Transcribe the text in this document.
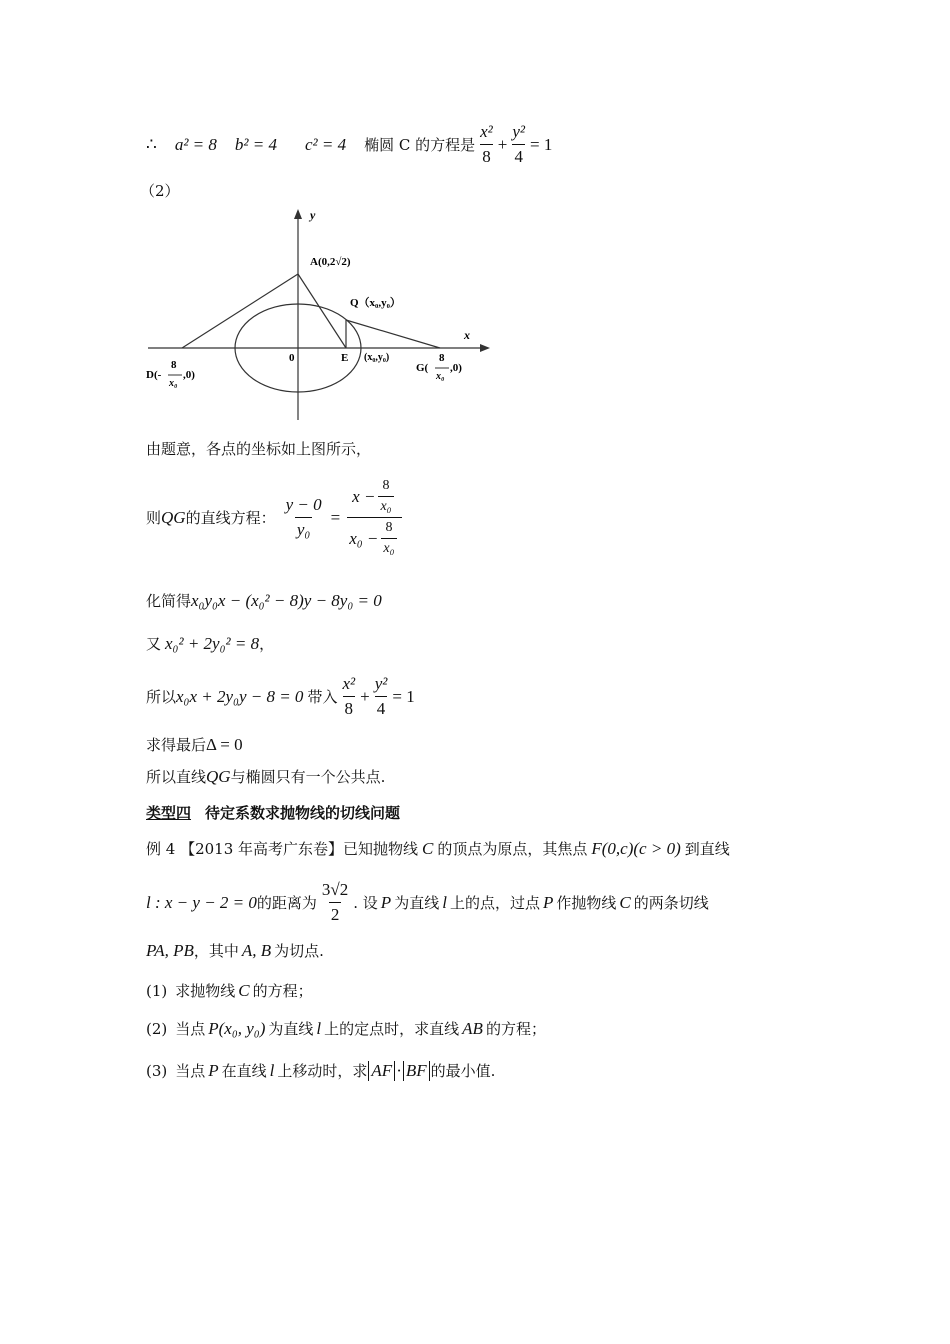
∴ a² = 8 b² = 4 c² = 4 椭圆 C 的方程是 $\frac{\text{x²}}{8} + \frac{\text{y²}}{4} = 1$
（2）
y
x
A(0,2√2)
Q（x₀,y₀）
0	E (x₀,y₀)
D(-
8
x₀
,0)
G(
8
x₀
,0)
由题意，各点的坐标如上图所示，
则 QG 的直线方程： $\frac{y - 0}{\text{y₀}} = \frac{x - \frac{8}{\text{x₀}}}{x_0 - \frac{8}{\text{x₀}}}$
化简得 x₀y₀x − (x₀² − 8)y − 8y₀ = 0
又 x₀² + 2y₀² = 8 ，
所以 x₀x + 2y₀y − 8 = 0 带入 $\frac{\text{x²}}{8} + \frac{\text{y²}}{4} = 1$
求得最后 Δ = 0
所以直线 QG 与椭圆只有一个公共点.
类型四 待定系数求抛物线的切线问题
例 4 【2013 年高考广东卷】已知抛物线 C 的顶点为原点，其焦点 F(0,c)(c > 0) 到直线
l : x − y − 2 = 0 的距离为 $\frac{3√2}{2}$ . 设 P 为直线 l 上的点，过点 P 作抛物线 C 的两条切线
PA, PB ，其中 A, B 为切点.
(1) 求抛物线 C 的方程；
(2) 当点 P(x₀, y₀) 为直线 l 上的定点时，求直线 AB 的方程；
(3) 当点 P 在直线 l 上移动时，求 AF · BF 的最小值.
